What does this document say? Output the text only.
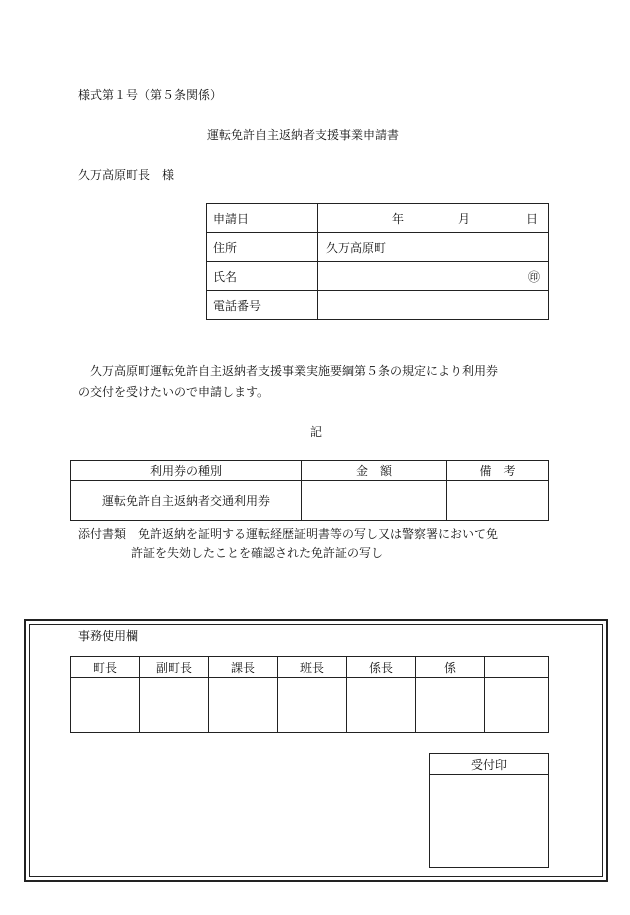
様式第１号（第５条関係）
運転免許自主返納者支援事業申請書
久万高原町長　様
申請日	年 月 日

住所	久万高原町
氏名	㊞

電話番号	
久万高原町運転免許自主返納者支援事業実施要綱第５条の規定により利用券
の交付を受けたいので申請します。
記
利用券の種別	金　額	備　考
運転免許自主返納者交通利用券		
添付書類　免許返納を証明する運転経歴証明書等の写し又は警察署において免
許証を失効したことを確認された免許証の写し
事務使用欄
町長	副町長	課長	班長	係長	係	

受付印
